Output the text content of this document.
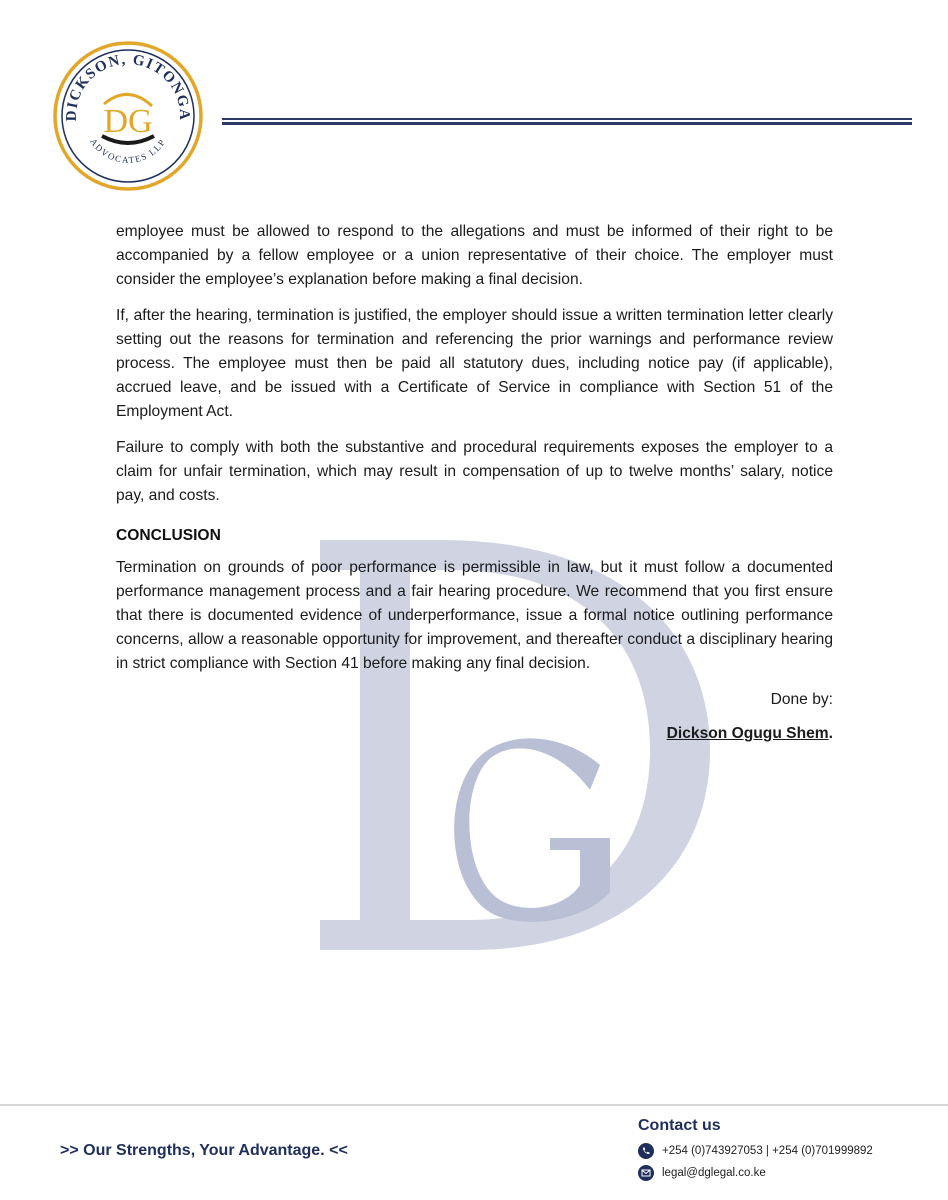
DICKSON, GITONGA
ADVOCATES LLP
DG

employee must be allowed to respond to the allegations and must be informed of their right to be accompanied by a fellow employee or a union representative of their choice. The employer must consider the employee’s explanation before making a final decision.

If, after the hearing, termination is justified, the employer should issue a written termination letter clearly setting out the reasons for termination and referencing the prior warnings and performance review process. The employee must then be paid all statutory dues, including notice pay (if applicable), accrued leave, and be issued with a Certificate of Service in compliance with Section 51 of the Employment Act.

Failure to comply with both the substantive and procedural requirements exposes the employer to a claim for unfair termination, which may result in compensation of up to twelve months’ salary, notice pay, and costs.

CONCLUSION

Termination on grounds of poor performance is permissible in law, but it must follow a documented performance management process and a fair hearing procedure. We recommend that you first ensure that there is documented evidence of underperformance, issue a formal notice outlining performance concerns, allow a reasonable opportunity for improvement, and thereafter conduct a disciplinary hearing in strict compliance with Section 41 before making any final decision.

Done by:
Dickson Ogugu Shem.
>> Our Strengths, Your Advantage. <<
Contact us
+254 (0)743927053 | +254 (0)701999892
legal@dglegal.co.ke
